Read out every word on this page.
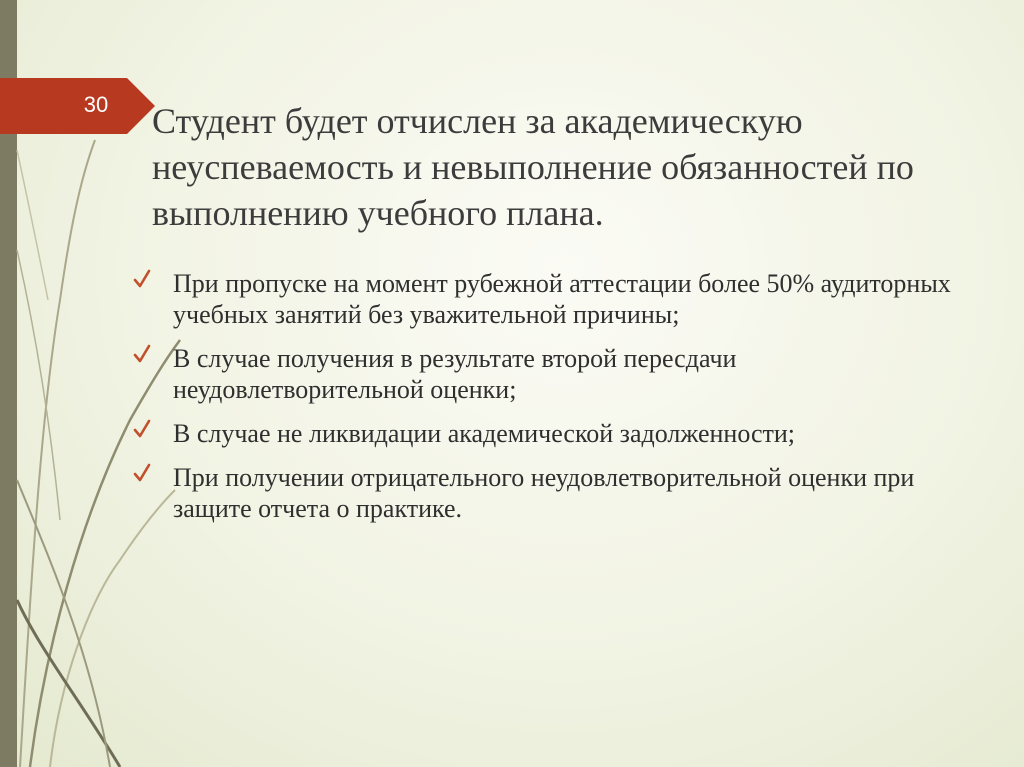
30 Студент будет отчислен за академическую неуспеваемость и невыполнение обязанностей по выполнению учебного плана.
При пропуске на момент рубежной аттестации более 50% аудиторных учебных занятий без уважительной причины;
В случае получения в результате второй пересдачи неудовлетворительной оценки;
В случае не ликвидации академической задолженности;
При получении отрицательного неудовлетворительной оценки при защите отчета о практике.
